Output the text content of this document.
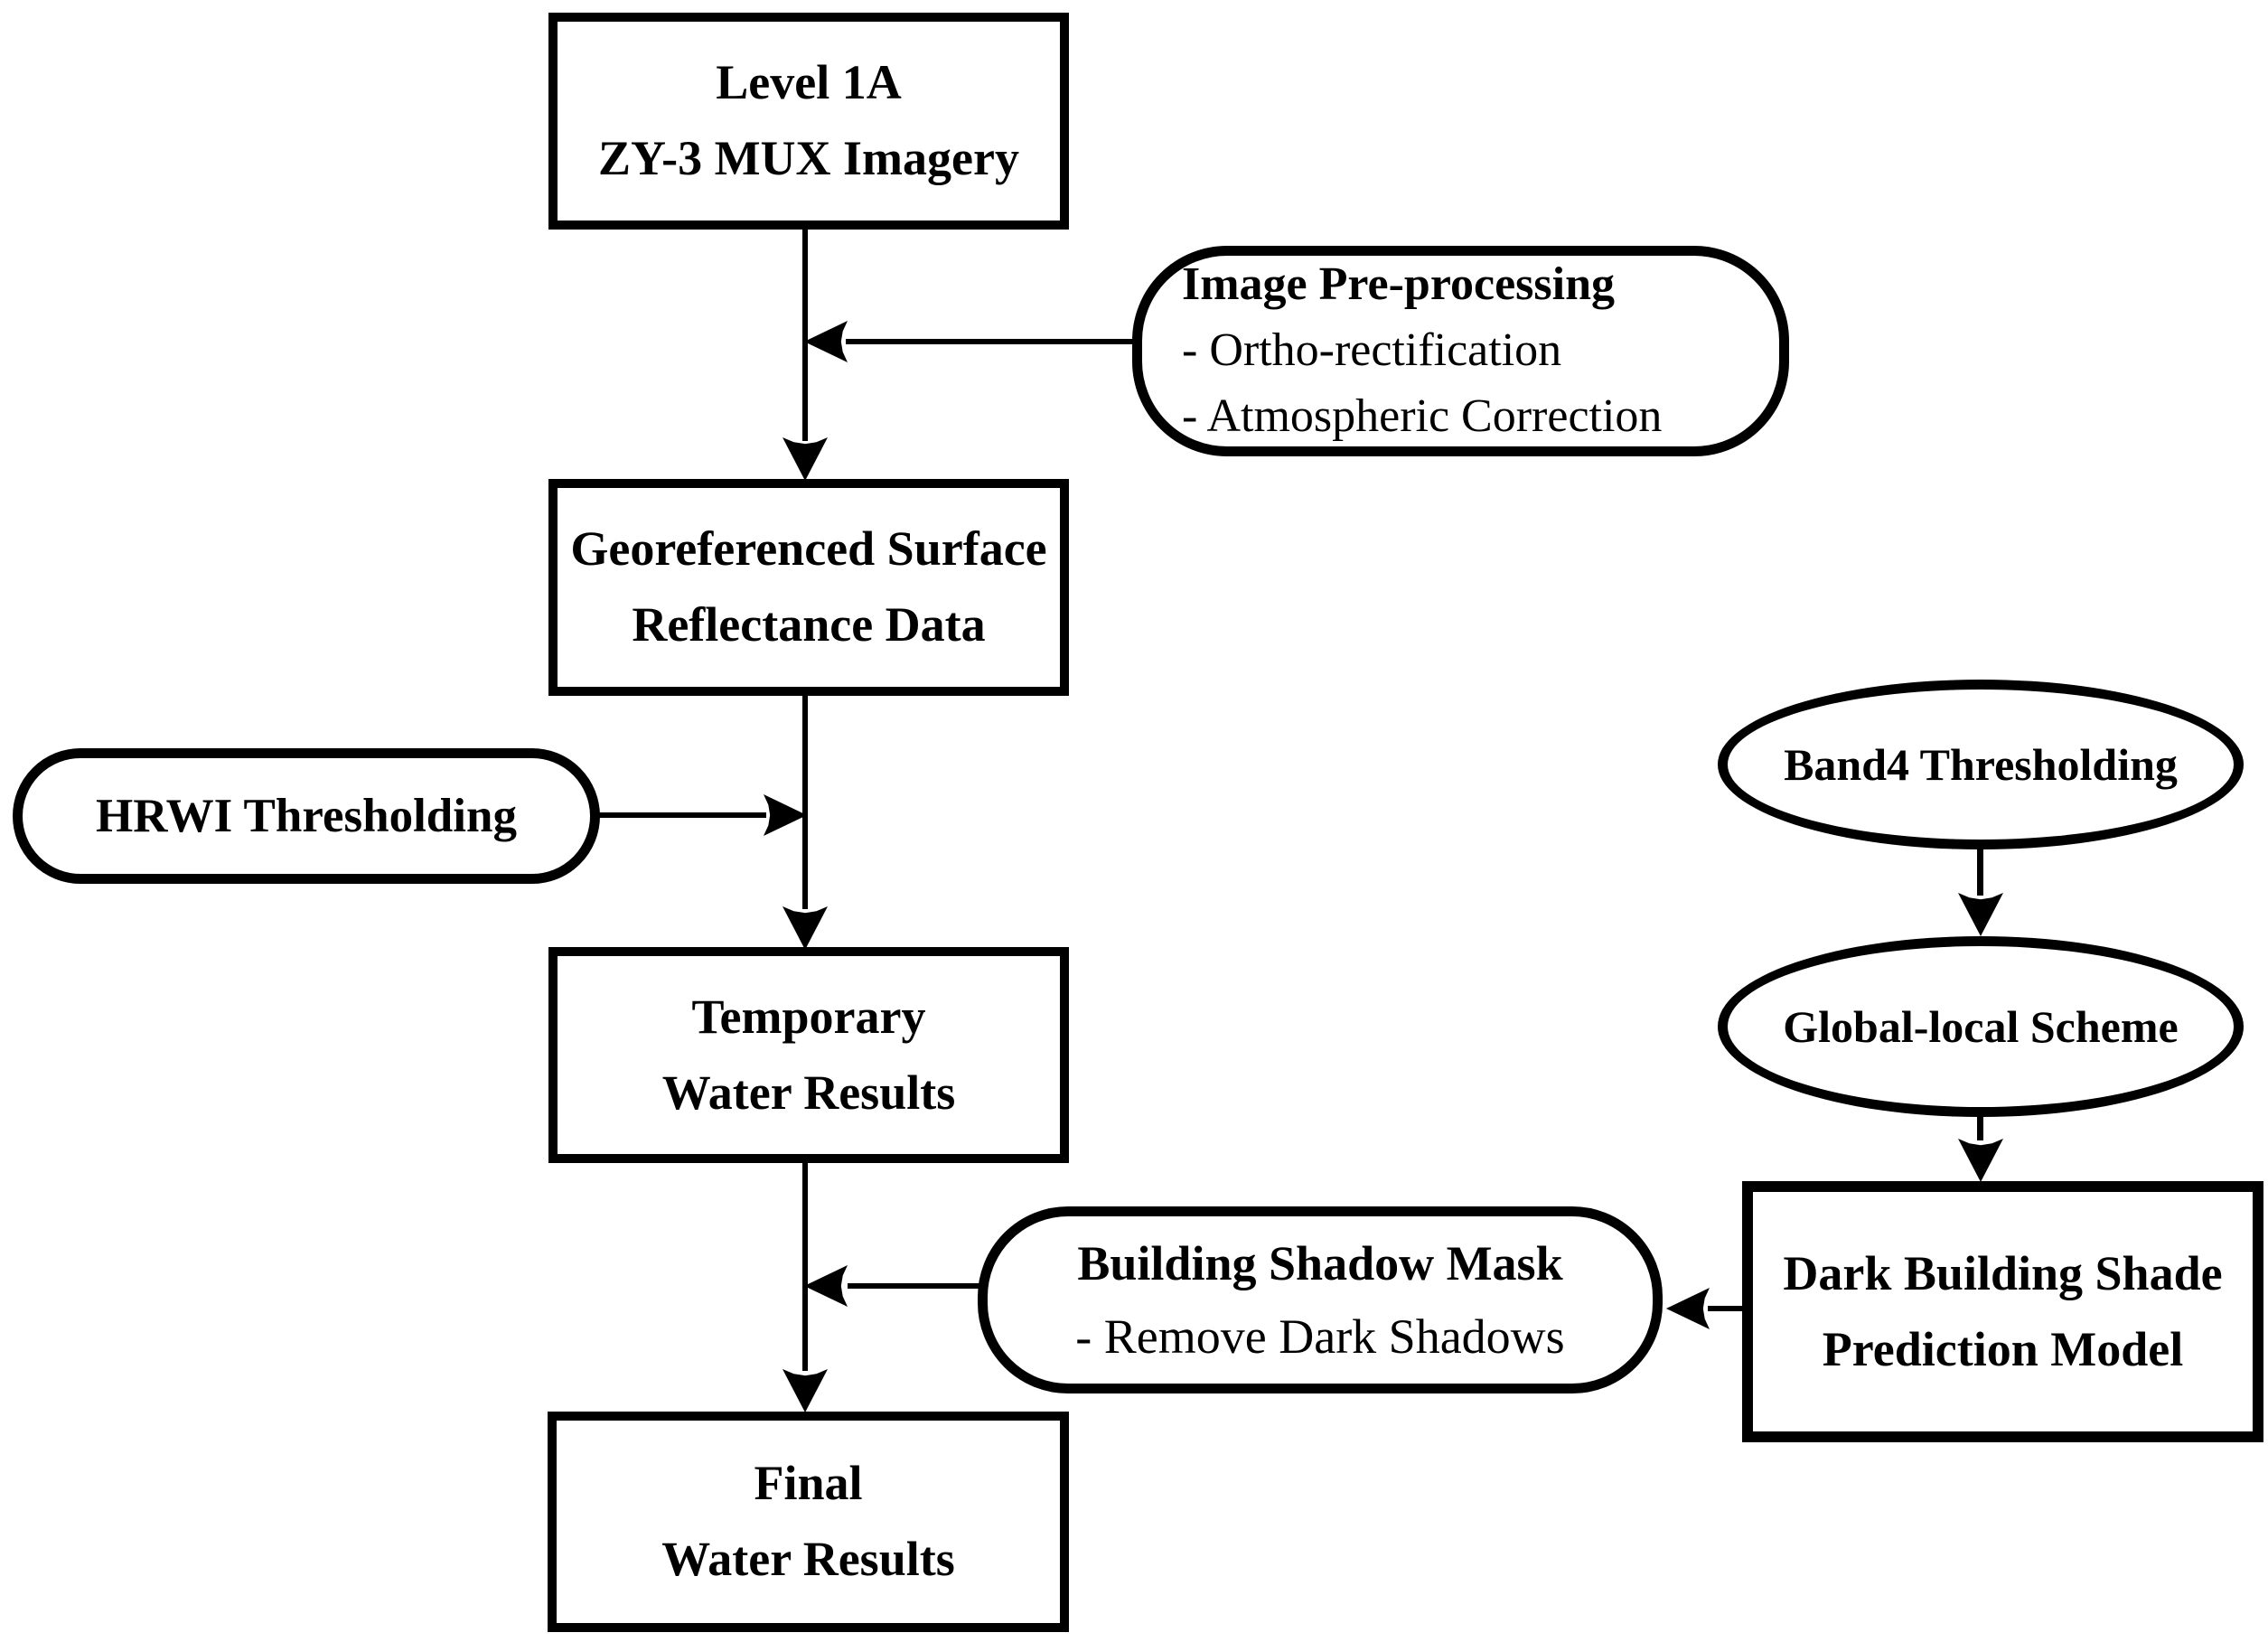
Level 1A
ZY-3 MUX Imagery
Georeferenced Surface
Reflectance Data
Temporary
Water Results
Final
Water Results
Image Pre-processing
- Ortho-rectification
- Atmospheric Correction
HRWI Thresholding
Building Shadow Mask
- Remove Dark Shadows
Band4 Thresholding
Global-local Scheme
Dark Building Shade
Prediction Model
